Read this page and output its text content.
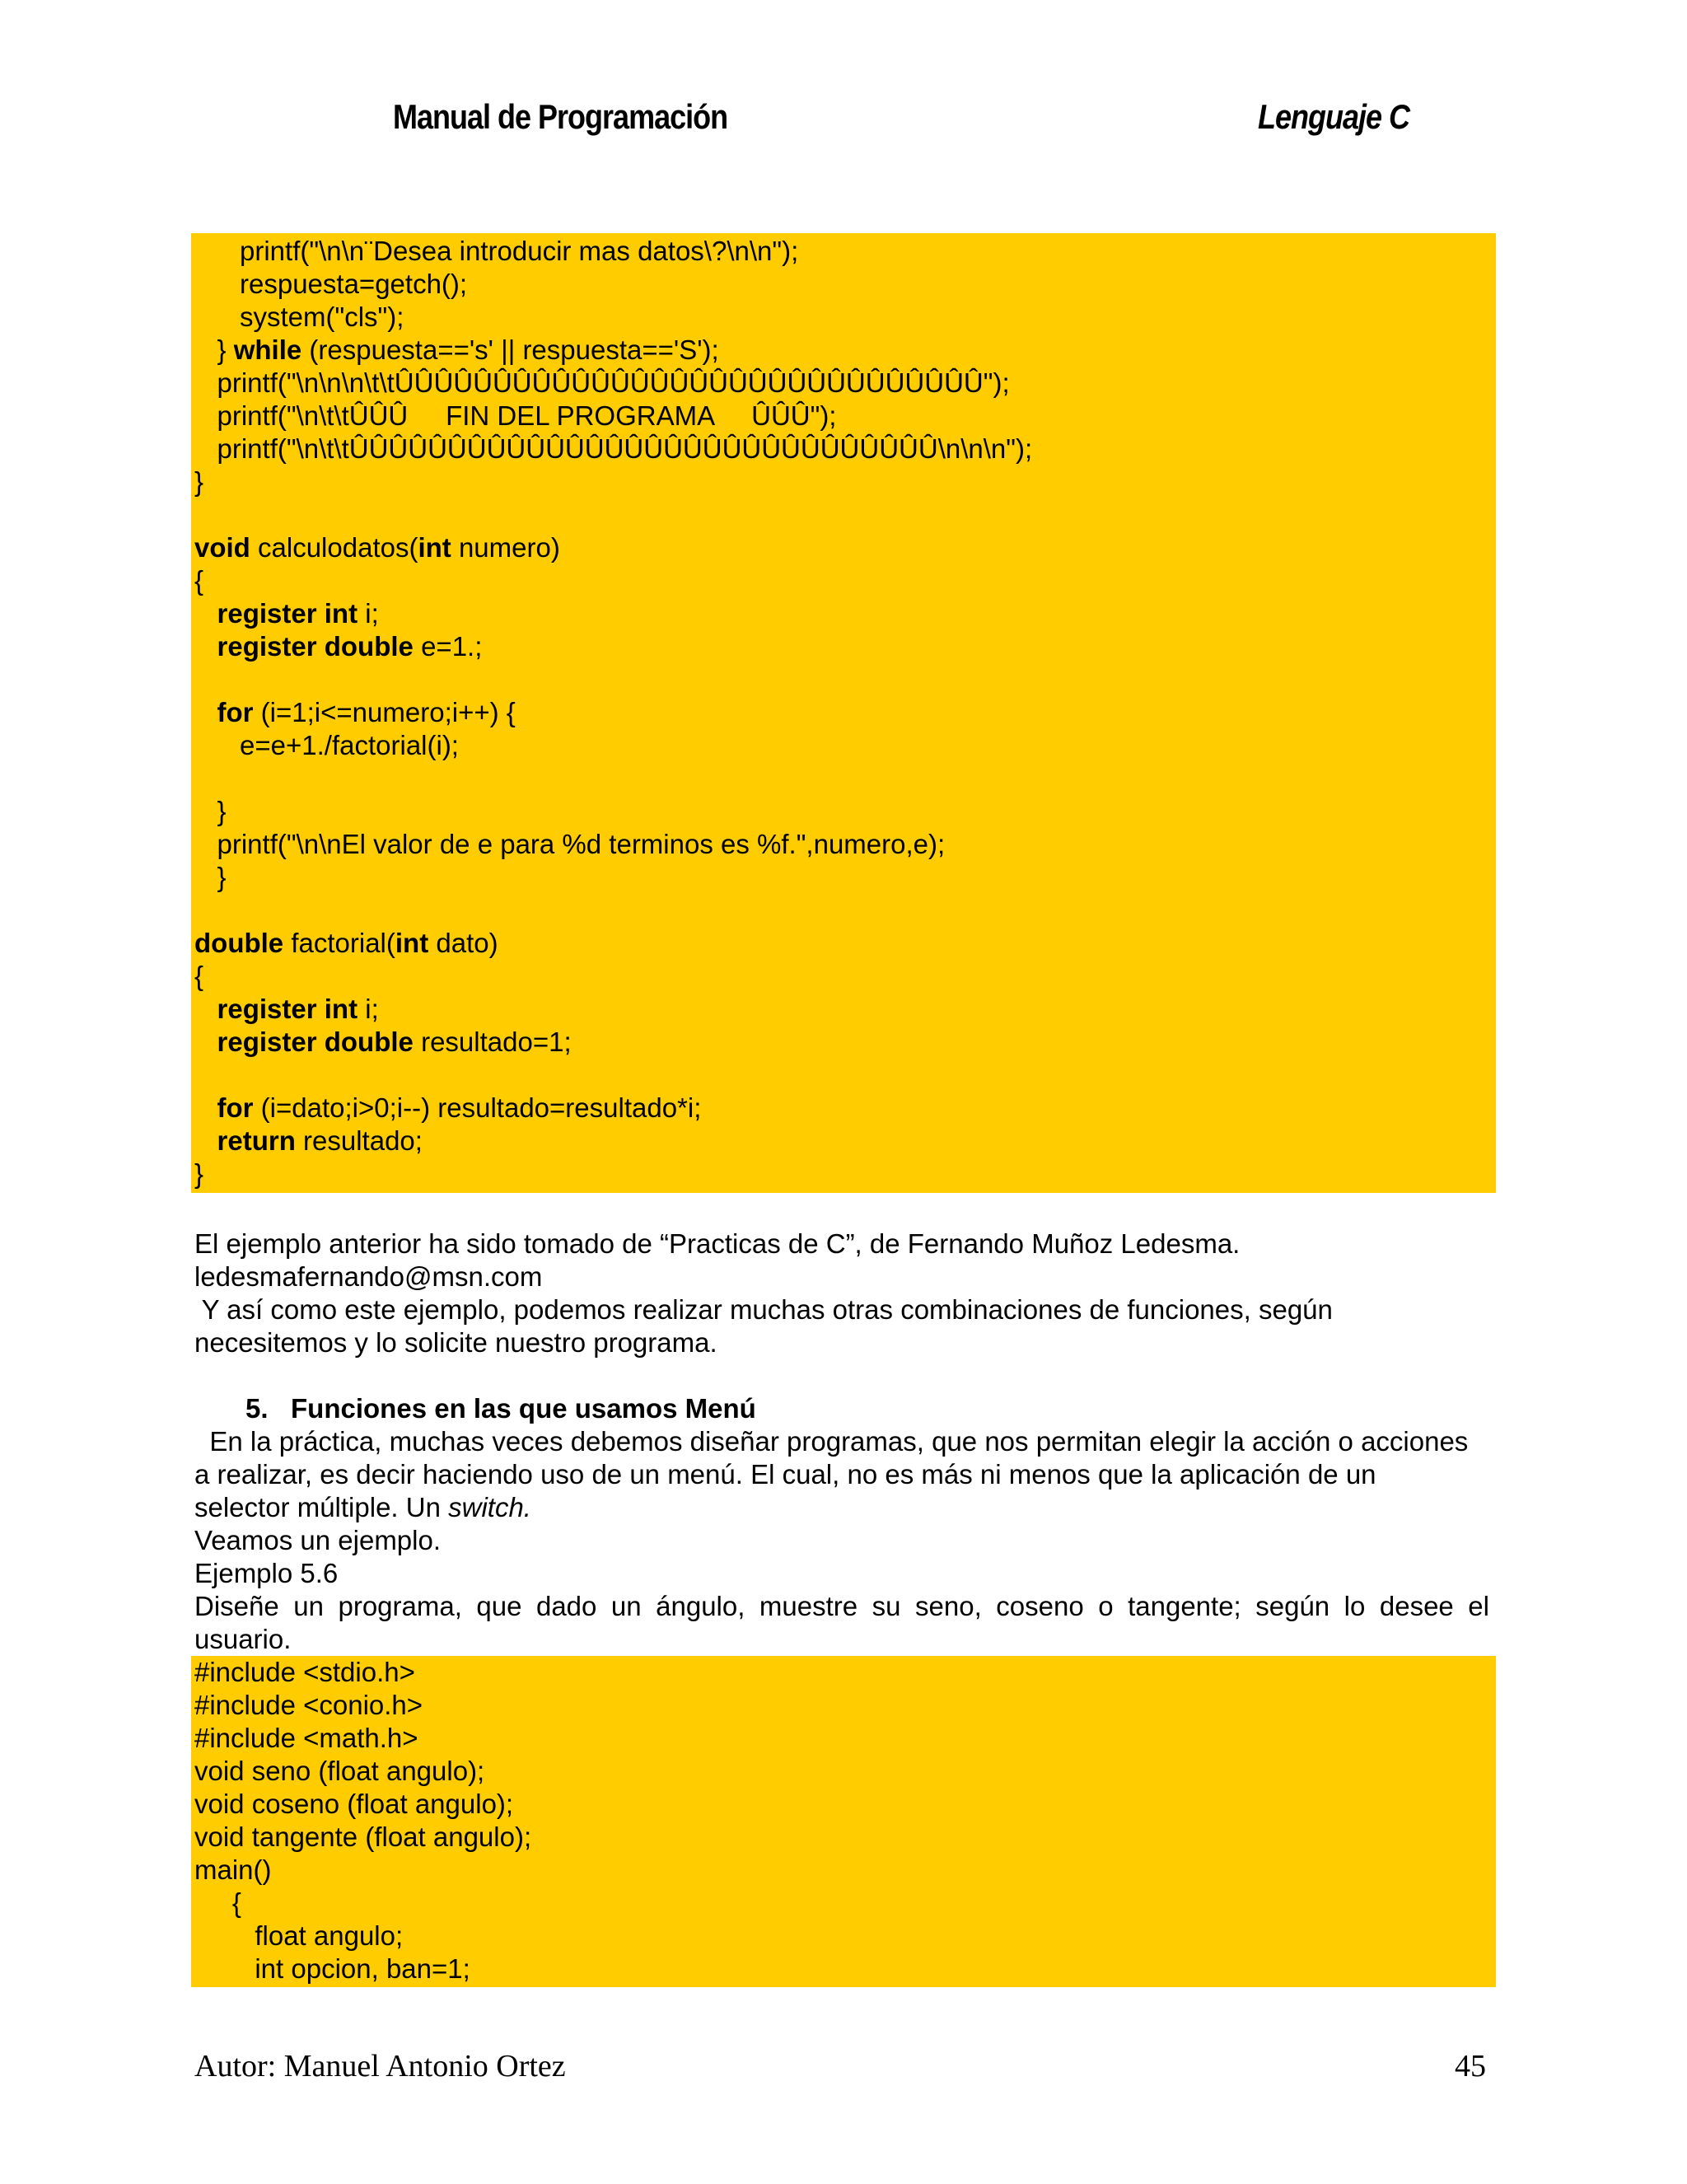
Manual de Programación	Lenguaje C
printf("\n\n¨Desea introducir mas datos\?\n\n");
respuesta=getch();
system("cls");
} while (respuesta=='s' || respuesta=='S');
printf("\n\n\n\t\tÛÛÛÛÛÛÛÛÛÛÛÛÛÛÛÛÛÛÛÛÛÛÛÛÛÛÛÛÛÛ");
printf("\n\t\tÛÛÛ     FIN DEL PROGRAMA     ÛÛÛ");
printf("\n\t\tÛÛÛÛÛÛÛÛÛÛÛÛÛÛÛÛÛÛÛÛÛÛÛÛÛÛÛÛÛÛ\n\n\n");
}
void calculodatos(int numero)
{
register int i;
register double e=1.;
for (i=1;i<=numero;i++) {
e=e+1./factorial(i);
}
printf("\n\nEl valor de e para %d terminos es %f.",numero,e);
}
double factorial(int dato)
{
register int i;
register double resultado=1;
for (i=dato;i>0;i--) resultado=resultado*i;
return resultado;
}
El ejemplo anterior ha sido tomado de “Practicas de C”, de Fernando Muñoz Ledesma.
ledesmafernando@msn.com
Y así como este ejemplo, podemos realizar muchas otras combinaciones de funciones, según
necesitemos y lo solicite nuestro programa.
5.   Funciones en las que usamos Menú
En la práctica, muchas veces debemos diseñar programas, que nos permitan elegir la acción o acciones
a realizar, es decir haciendo uso de un menú. El cual, no es más ni menos que la aplicación de un
selector múltiple. Un switch.
Veamos un ejemplo.
Ejemplo 5.6
Diseñe un programa, que dado un ángulo, muestre su seno, coseno o tangente; según lo desee el
usuario.
#include <stdio.h>
#include <conio.h>
#include <math.h>
void seno (float angulo);
void coseno (float angulo);
void tangente (float angulo);
main()
{
float angulo;
int opcion, ban=1;
Autor: Manuel Antonio Ortez	45
